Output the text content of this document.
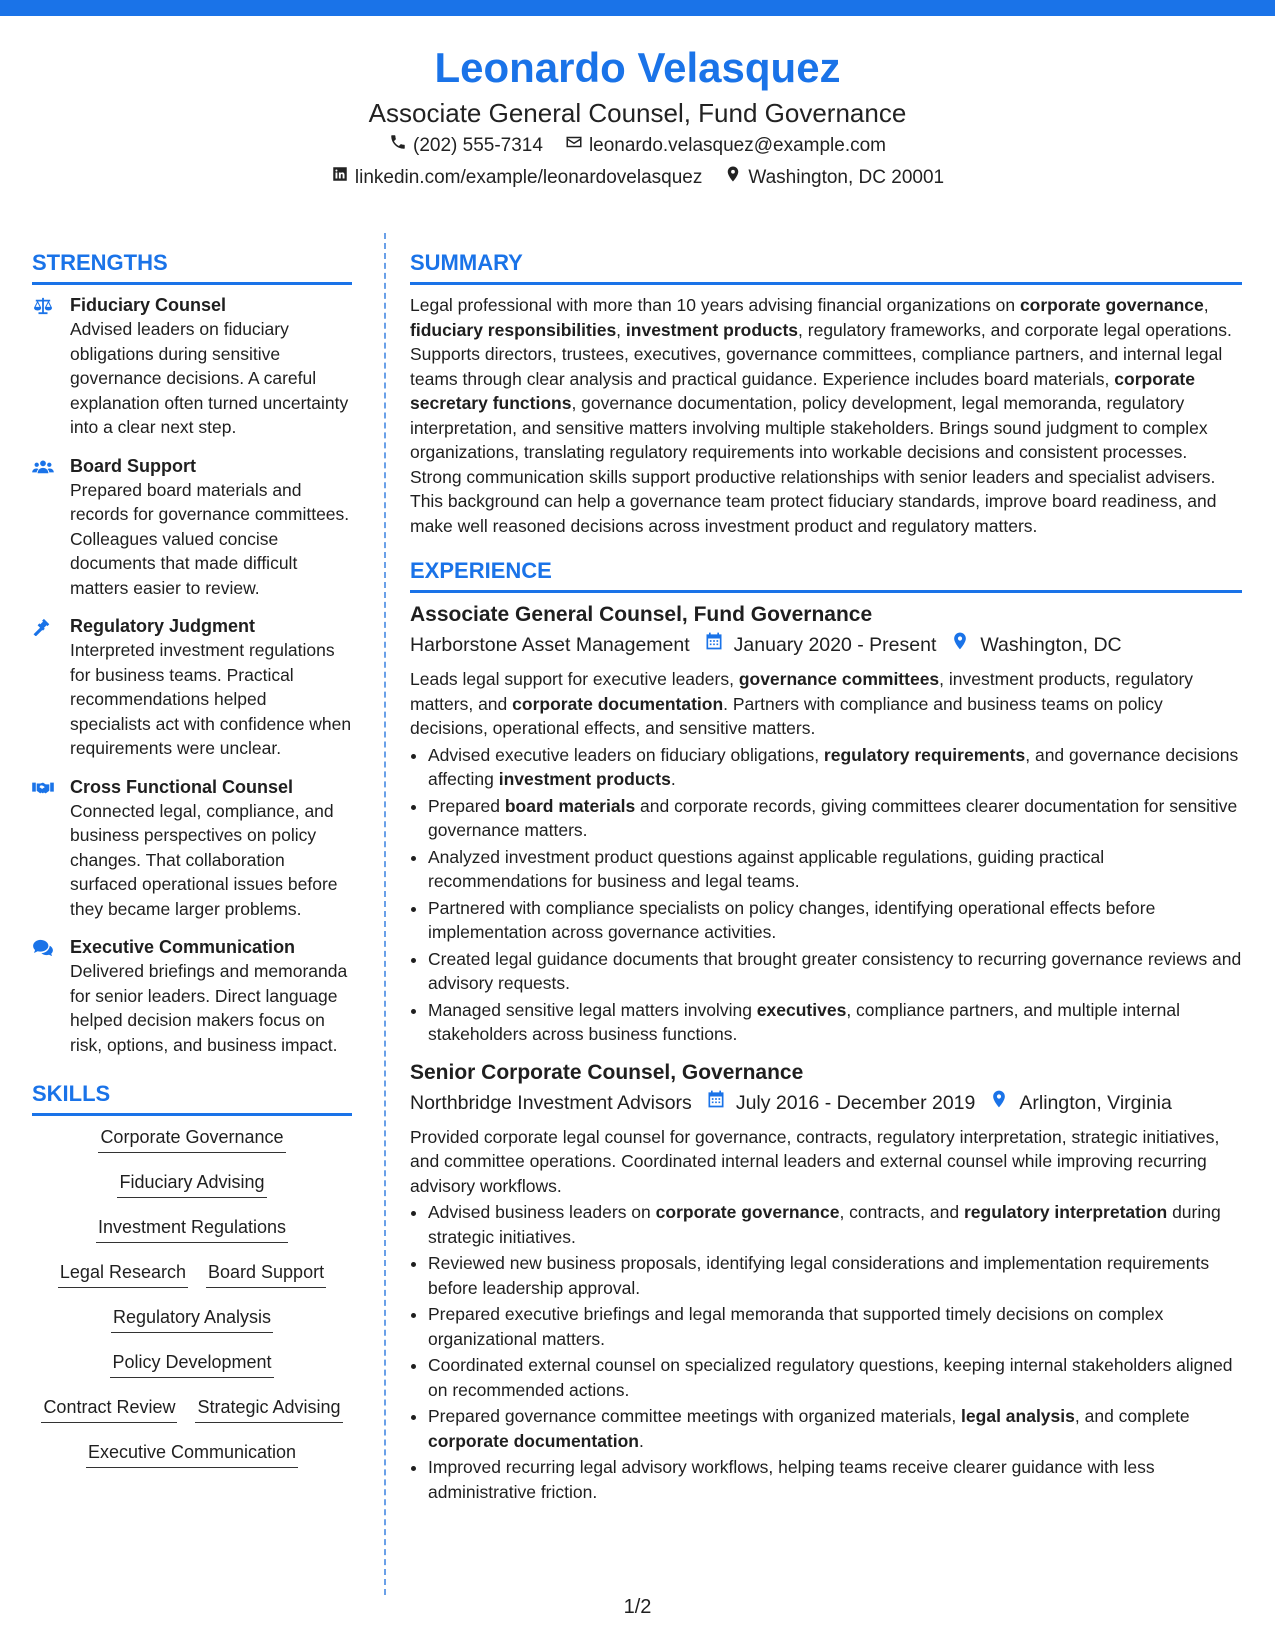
Leonardo Velasquez
Associate General Counsel, Fund Governance
(202) 555-7314 leonardo.velasquez@example.com
linkedin.com/example/leonardovelasquez Washington, DC 20001
STRENGTHS
Fiduciary Counsel
Advised leaders on fiduciary obligations during sensitive governance decisions. A careful explanation often turned uncertainty into a clear next step.
Board Support
Prepared board materials and records for governance committees. Colleagues valued concise documents that made difficult matters easier to review.
Regulatory Judgment
Interpreted investment regulations for business teams. Practical recommendations helped specialists act with confidence when requirements were unclear.
Cross Functional Counsel
Connected legal, compliance, and business perspectives on policy changes. That collaboration surfaced operational issues before they became larger problems.
Executive Communication
Delivered briefings and memoranda for senior leaders. Direct language helped decision makers focus on risk, options, and business impact.
SKILLS
Corporate Governance
Fiduciary Advising
Investment Regulations
Legal Research Board Support
Regulatory Analysis
Policy Development
Contract Review Strategic Advising
Executive Communication
SUMMARY

Legal professional with more than 10 years advising financial organizations on corporate governance, fiduciary responsibilities, investment products, regulatory frameworks, and corporate legal operations. Supports directors, trustees, executives, governance committees, compliance partners, and internal legal teams through clear analysis and practical guidance. Experience includes board materials, corporate secretary functions, governance documentation, policy development, legal memoranda, regulatory interpretation, and sensitive matters involving multiple stakeholders. Brings sound judgment to complex organizations, translating regulatory requirements into workable decisions and consistent processes. Strong communication skills support productive relationships with senior leaders and specialist advisers. This background can help a governance team protect fiduciary standards, improve board readiness, and make well reasoned decisions across investment product and regulatory matters.

EXPERIENCE
Associate General Counsel, Fund Governance
Harborstone Asset Management January 2020 - Present Washington, DC

Leads legal support for executive leaders, governance committees, investment products, regulatory matters, and corporate documentation. Partners with compliance and business teams on policy decisions, operational effects, and sensitive matters.

• Advised executive leaders on fiduciary obligations, regulatory requirements, and governance decisions affecting investment products.
• Prepared board materials and corporate records, giving committees clearer documentation for sensitive governance matters.
• Analyzed investment product questions against applicable regulations, guiding practical recommendations for business and legal teams.
• Partnered with compliance specialists on policy changes, identifying operational effects before implementation across governance activities.
• Created legal guidance documents that brought greater consistency to recurring governance reviews and advisory requests.
• Managed sensitive legal matters involving executives, compliance partners, and multiple internal stakeholders across business functions.
Senior Corporate Counsel, Governance
Northbridge Investment Advisors July 2016 - December 2019 Arlington, Virginia

Provided corporate legal counsel for governance, contracts, regulatory interpretation, strategic initiatives, and committee operations. Coordinated internal leaders and external counsel while improving recurring advisory workflows.

• Advised business leaders on corporate governance, contracts, and regulatory interpretation during strategic initiatives.
• Reviewed new business proposals, identifying legal considerations and implementation requirements before leadership approval.
• Prepared executive briefings and legal memoranda that supported timely decisions on complex organizational matters.
• Coordinated external counsel on specialized regulatory questions, keeping internal stakeholders aligned on recommended actions.
• Prepared governance committee meetings with organized materials, legal analysis, and complete corporate documentation.
• Improved recurring legal advisory workflows, helping teams receive clearer guidance with less administrative friction.
1/2
